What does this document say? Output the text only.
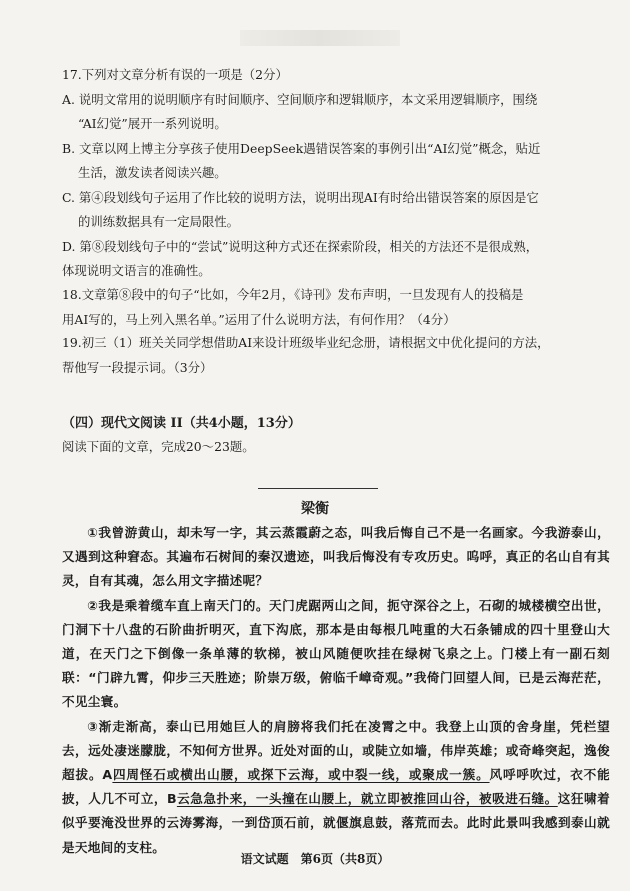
17.下列对文章分析有误的一项是（2分）

A. 说明文常用的说明顺序有时间顺序、空间顺序和逻辑顺序，本文采用逻辑顺序，围绕

“AI幻觉”展开一系列说明。

B. 文章以网上博主分享孩子使用DeepSeek遇错误答案的事例引出“AI幻觉”概念，贴近

生活，激发读者阅读兴趣。

C. 第④段划线句子运用了作比较的说明方法，说明出现AI有时给出错误答案的原因是它

的训练数据具有一定局限性。

D. 第⑧段划线句子中的“尝试”说明这种方式还在探索阶段，相关的方法还不是很成熟，

体现说明文语言的准确性。

18.文章第⑧段中的句子“比如，今年2月，《诗刊》发布声明，一旦发现有人的投稿是

用AI写的，马上列入黑名单。”运用了什么说明方法，有何作用？（4分）

19.初三（1）班关关同学想借助AI来设计班级毕业纪念册，请根据文中优化提问的方法，

帮他写一段提示词。（3分）

（四）现代文阅读 II（共4小题，13分）
阅读下面的文章，完成20～23题。
梁衡

①我曾游黄山，却未写一字，其云蒸霞蔚之态，叫我后悔自己不是一名画家。今我游泰山，又遇到这种窘态。其遍布石树间的秦汉遗迹，叫我后悔没有专攻历史。呜呼，真正的名山自有其灵，自有其魂，怎么用文字描述呢？

②我是乘着缆车直上南天门的。天门虎踞两山之间，扼守深谷之上，石砌的城楼横空出世，门洞下十八盘的石阶曲折明灭，直下沟底，那本是由每根几吨重的大石条铺成的四十里登山大道，在天门之下倒像一条单薄的软梯，被山风随便吹挂在绿树飞泉之上。门楼上有一副石刻联：“门辟九霄，仰步三天胜迹；阶崇万级，俯临千嶂奇观。”我倚门回望人间，已是云海茫茫，不见尘寰。

③渐走渐高，泰山已用她巨人的肩膀将我们托在凌霄之中。我登上山顶的舍身崖，凭栏望去，远处凄迷朦胧，不知何方世界。近处对面的山，或陡立如墙，伟岸英雄；或奇峰突起，逸俊超拔。A四周怪石或横出山腰，或探下云海，或中裂一线，或聚成一簇。风呼呼吹过，衣不能披，人几不可立，B云急急扑来，一头撞在山腰上，就立即被推回山谷，被吸进石缝。这狂啸着似乎要淹没世界的云涛雾海，一到岱顶石前，就偃旗息鼓，落荒而去。此时此景叫我感到泰山就是天地间的支柱。

语文试题　第6页（共8页）
